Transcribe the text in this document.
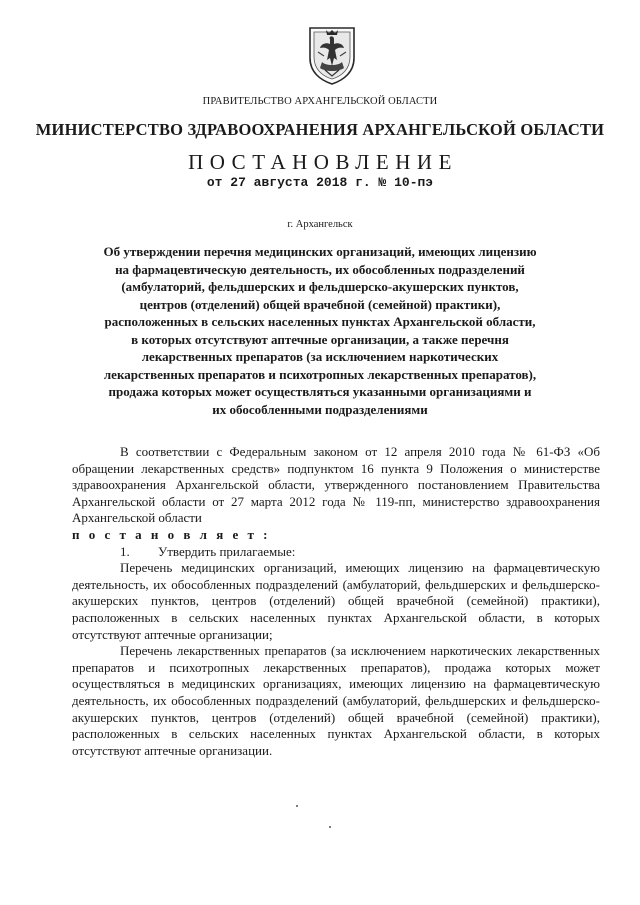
ПРАВИТЕЛЬСТВО АРХАНГЕЛЬСКОЙ ОБЛАСТИ
МИНИСТЕРСТВО ЗДРАВООХРАНЕНИЯ АРХАНГЕЛЬСКОЙ ОБЛАСТИ
ПОСТАНОВЛЕНИЕ
от 27 августа 2018 г. № 10-пэ
г. Архангельск
Об утверждении перечня медицинских организаций, имеющих лицензию
на фармацевтическую деятельность, их обособленных подразделений
(амбулаторий, фельдшерских и фельдшерско-акушерских пунктов,
центров (отделений) общей врачебной (семейной) практики),
расположенных в сельских населенных пунктах Архангельской области,
в которых отсутствуют аптечные организации, а также перечня
лекарственных препаратов (за исключением наркотических
лекарственных препаратов и психотропных лекарственных препаратов),
продажа которых может осуществляться указанными организациями и
их обособленными подразделениями

В соответствии с Федеральным законом от 12 апреля 2010 года № 61-ФЗ «Об обращении лекарственных средств» подпунктом 16 пункта 9 Положения о министерстве здравоохранения Архангельской области, утвержденного постановлением Правительства Архангельской области от 27 марта 2012 года № 119-пп, министерство здравоохранения Архангельской области

п о с т а н о в л я е т :

1. Утвердить прилагаемые:

Перечень медицинских организаций, имеющих лицензию на фармацевтическую деятельность, их обособленных подразделений (амбулаторий, фельдшерских и фельдшерско-акушерских пунктов, центров (отделений) общей врачебной (семейной) практики), расположенных в сельских населенных пунктах Архангельской области, в которых отсутствуют аптечные организации;

Перечень лекарственных препаратов (за исключением наркотических лекарственных препаратов и психотропных лекарственных препаратов), продажа которых может осуществляться в медицинских организациях, имеющих лицензию на фармацевтическую деятельность, их обособленных подразделений (амбулаторий, фельдшерских и фельдшерско-акушерских пунктов, центров (отделений) общей врачебной (семейной) практики), расположенных в сельских населенных пунктах Архангельской области, в которых отсутствуют аптечные организации.
